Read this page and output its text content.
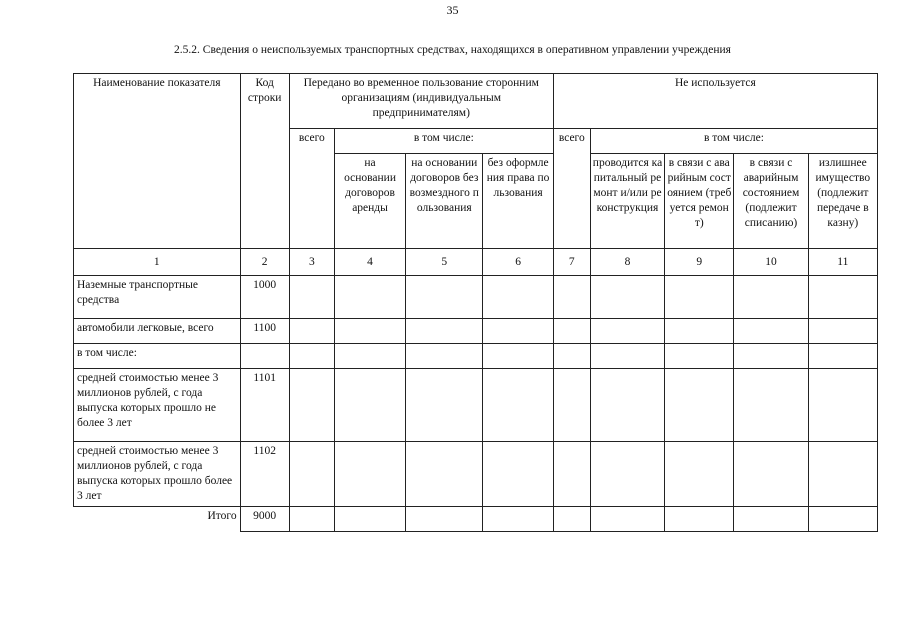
35
2.5.2. Сведения о неиспользуемых транспортных средствах, находящихся в оперативном управлении учреждения
Наименование показателя	Код строки	Передано во временное пользование сторонним организациям (индивидуальным предпринимателям)				Не используется				
		всего	в том числе:			всего	в том числе:			
			на основании договоров аренды	на основании договоров безвозмездного пользования	без оформления права пользования		проводится капитальный ремонт и/или реконструкция	в связи с аварийным состоянием (требуется ремонт)	в связи с аварийным состоянием (подлежит списанию)	излишнее имущество (подлежит передаче в казну)
1	2	3	4	5	6	7	8	9	10	11
Наземные транспортные средства	1000									
автомобили легковые, всего	1100									
в том числе:										
средней стоимостью менее 3 миллионов рублей, с года выпуска которых прошло не более 3 лет	1101									
средней стоимостью менее 3 миллионов рублей, с года выпуска которых прошло более 3 лет	1102									
Итого	9000									
